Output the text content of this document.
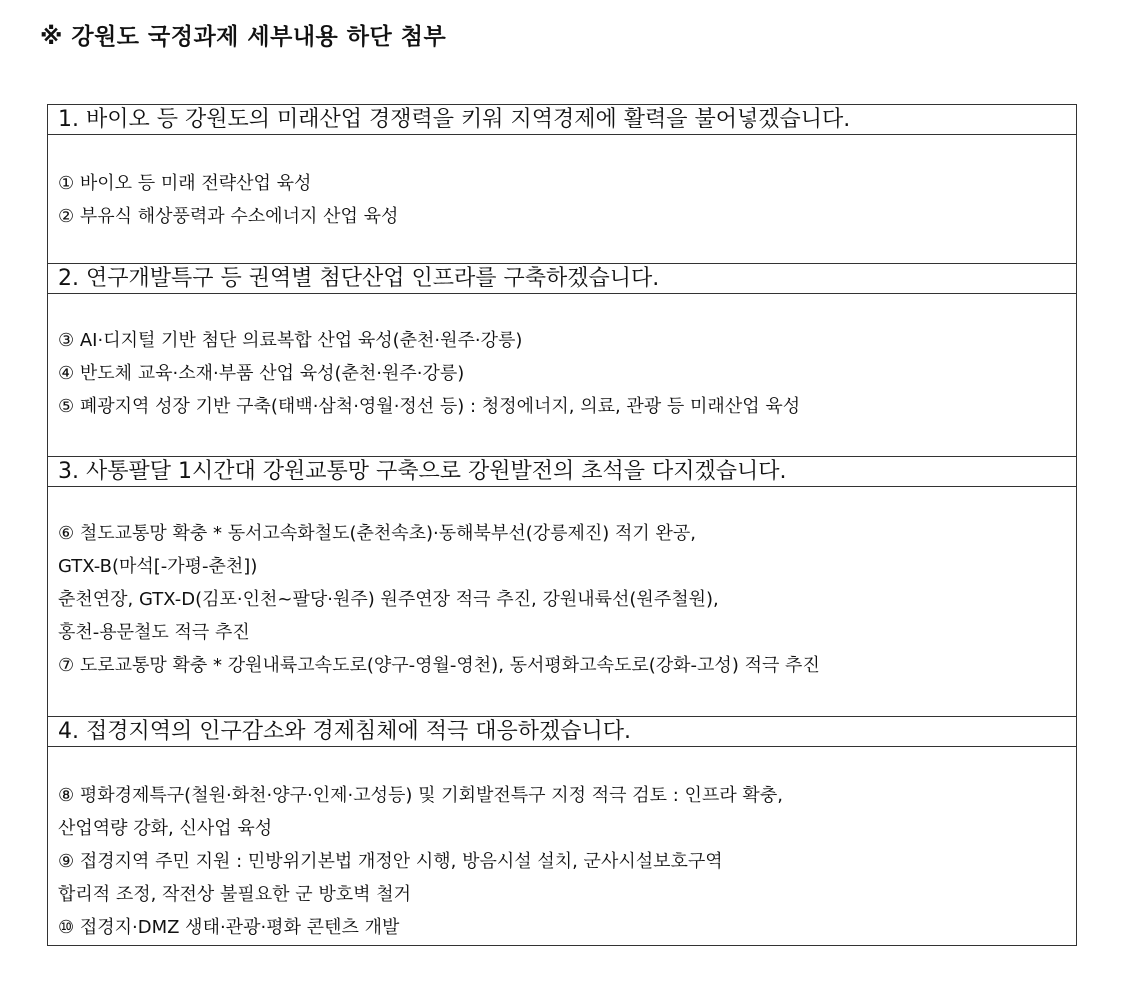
※ 강원도 국정과제 세부내용 하단 첨부
1. 바이오 등 강원도의 미래산업 경쟁력을 키워 지역경제에 활력을 불어넣겠습니다.
① 바이오 등 미래 전략산업 육성
② 부유식 해상풍력과 수소에너지 산업 육성
2. 연구개발특구 등 권역별 첨단산업 인프라를 구축하겠습니다.
③ AI·디지털 기반 첨단 의료복합 산업 육성(춘천·원주·강릉)
④ 반도체 교육·소재·부품 산업 육성(춘천·원주·강릉)
⑤ 폐광지역 성장 기반 구축(태백·삼척·영월·정선 등) : 청정에너지, 의료, 관광 등 미래산업 육성
3. 사통팔달 1시간대 강원교통망 구축으로 강원발전의 초석을 다지겠습니다.
⑥ 철도교통망 확충 * 동서고속화철도(춘천속초)·동해북부선(강릉제진) 적기 완공,
GTX-B(마석[-가평-춘천])
춘천연장, GTX-D(김포·인천~팔당·원주) 원주연장 적극 추진, 강원내륙선(원주철원),
홍천-용문철도 적극 추진
⑦ 도로교통망 확충 * 강원내륙고속도로(양구-영월-영천), 동서평화고속도로(강화-고성) 적극 추진
4. 접경지역의 인구감소와 경제침체에 적극 대응하겠습니다.
⑧ 평화경제특구(철원·화천·양구·인제·고성등) 및 기회발전특구 지정 적극 검토 : 인프라 확충,
산업역량 강화, 신사업 육성
⑨ 접경지역 주민 지원 : 민방위기본법 개정안 시행, 방음시설 설치, 군사시설보호구역
합리적 조정, 작전상 불필요한 군 방호벽 철거
⑩ 접경지·DMZ 생태·관광·평화 콘텐츠 개발
